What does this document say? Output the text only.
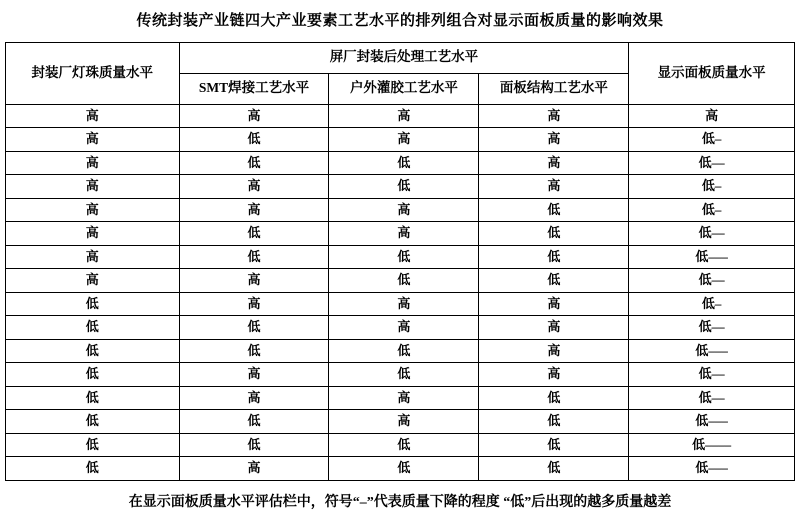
传统封装产业链四大产业要素工艺水平的排列组合对显示面板质量的影响效果
封装厂灯珠质量水平	屏厂封装后处理工艺水平			显示面板质量水平
	SMT焊接工艺水平	户外灌胶工艺水平	面板结构工艺水平	
高	高	高	高	高
高	低	高	高	低–
高	低	低	高	低––
高	高	低	高	低–
高	高	高	低	低–
高	低	高	低	低––
高	低	低	低	低–––
高	高	低	低	低––
低	高	高	高	低–
低	低	高	高	低––
低	低	低	高	低–––
低	高	低	高	低––
低	高	高	低	低––
低	低	高	低	低–––
低	低	低	低	低––––
低	高	低	低	低–––
在显示面板质量水平评估栏中，符号“–”代表质量下降的程度 “低”后出现的越多质量越差
